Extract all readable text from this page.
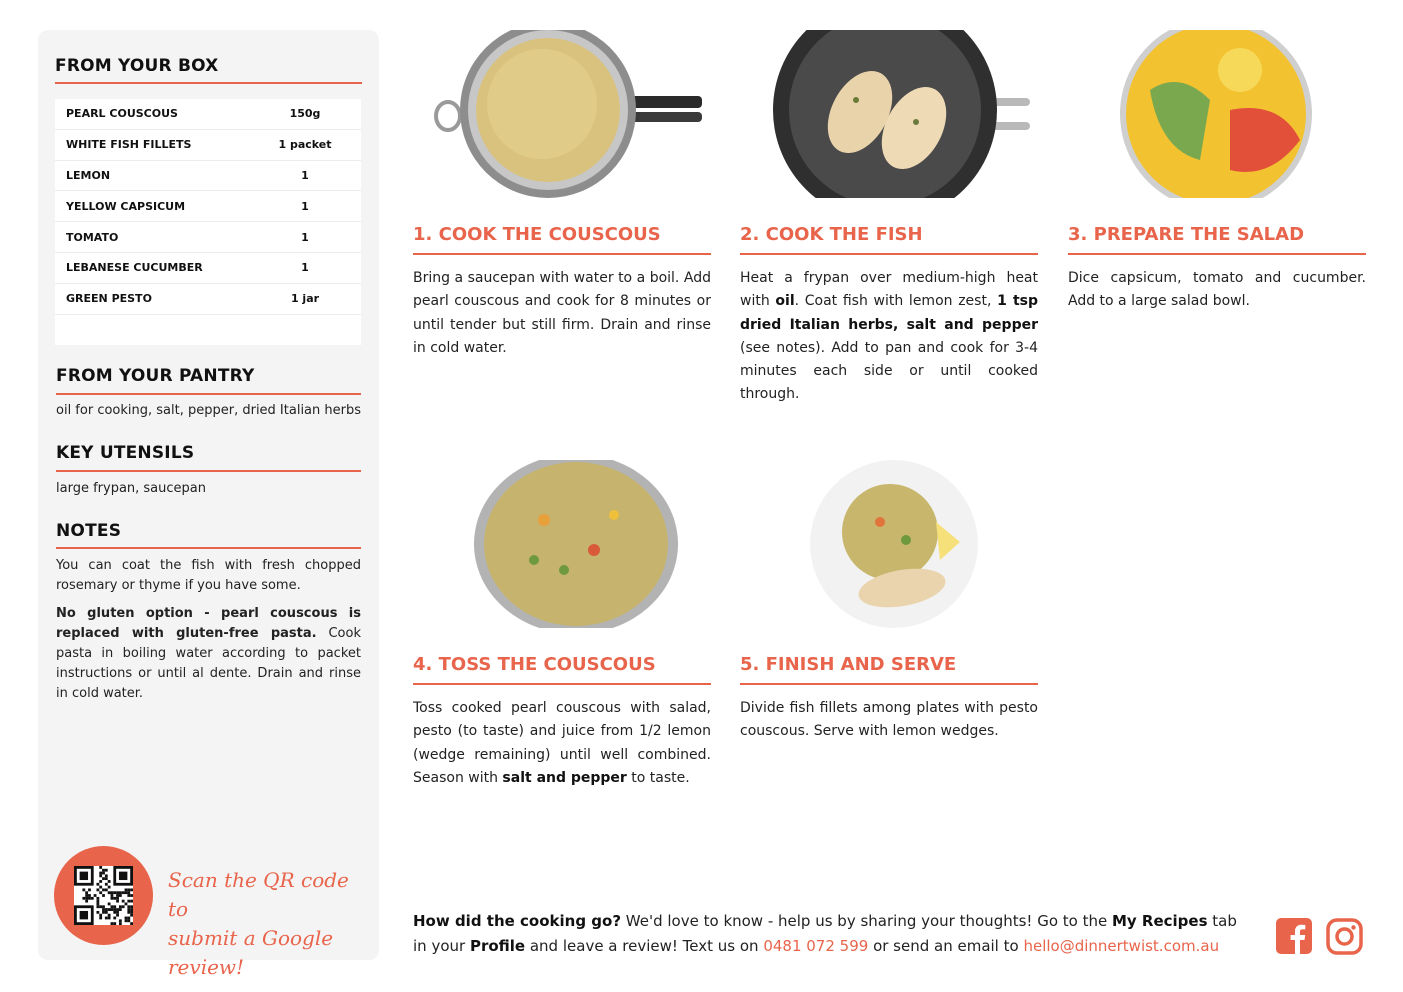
FROM YOUR BOX
PEARL COUSCOUS	150g
WHITE FISH FILLETS	1 packet
LEMON	1
YELLOW CAPSICUM	1
TOMATO	1
LEBANESE CUCUMBER	1
GREEN PESTO	1 jar
FROM YOUR PANTRY
oil for cooking, salt, pepper, dried Italian herbs
KEY UTENSILS
large frypan, saucepan
NOTES
You can coat the fish with fresh chopped rosemary or thyme if you have some.
No gluten option - pearl couscous is replaced with gluten-free pasta. Cook pasta in boiling water according to packet instructions or until al dente. Drain and rinse in cold water.
Scan the QR code to
submit a Google review!
1. COOK THE COUSCOUS
Bring a saucepan with water to a boil. Add pearl couscous and cook for 8 minutes or until tender but still firm. Drain and rinse in cold water.
2. COOK THE FISH
Heat a frypan over medium-high heat with oil. Coat fish with lemon zest, 1 tsp dried Italian herbs, salt and pepper (see notes). Add to pan and cook for 3-4 minutes each side or until cooked through.
3. PREPARE THE SALAD
Dice capsicum, tomato and cucumber. Add to a large salad bowl.
4. TOSS THE COUSCOUS
Toss cooked pearl couscous with salad, pesto (to taste) and juice from 1/2 lemon (wedge remaining) until well combined. Season with salt and pepper to taste.
5. FINISH AND SERVE
Divide fish fillets among plates with pesto couscous. Serve with lemon wedges.
How did the cooking go? We'd love to know - help us by sharing your thoughts! Go to the My Recipes tab in your Profile and leave a review! Text us on 0481 072 599 or send an email to hello@dinnertwist.com.au
